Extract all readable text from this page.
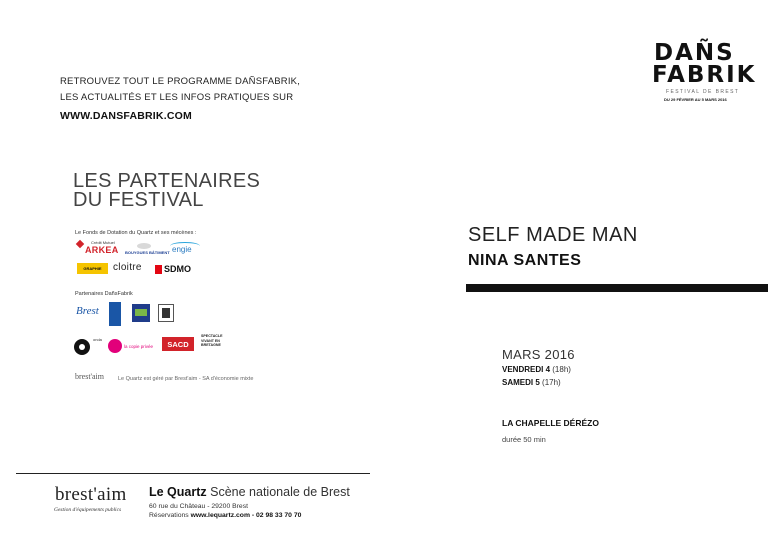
RETROUVEZ TOUT LE PROGRAMME DAÑSFABRIK,
LES ACTUALITÉS ET LES INFOS PRATIQUES SUR
WWW.DANSFABRIK.COM
LES PARTENAIRES
DU FESTIVAL
Le Fonds de Dotation du Quartz et ses mécènes :
Crédit Mutuel
ARKEA BOUYGUES BÂTIMENT engie
GRAPHIE	cloitre SDMO
Partenaires DañsFabrik
Brest
onda
la copie privée	SACD
SPECTACLE VIVANT EN BRETAGNE
brest'aim	Le Quartz est géré par Brest'aim - SA d'économie mixte
brest'aim
Gestion d'équipements publics
Le Quartz Scène nationale de Brest
60 rue du Château - 29200 Brest
Réservations www.lequartz.com - 02 98 33 70 70
DAÑS
FABRIK
FESTIVAL DE BREST
DU 29 FÉVRIER AU 5 MARS 2016
SELF MADE MAN
NINA SANTES
MARS 2016
VENDREDI 4 (18h)
SAMEDI 5 (17h)
LA CHAPELLE DÉRÉZO
durée 50 min
